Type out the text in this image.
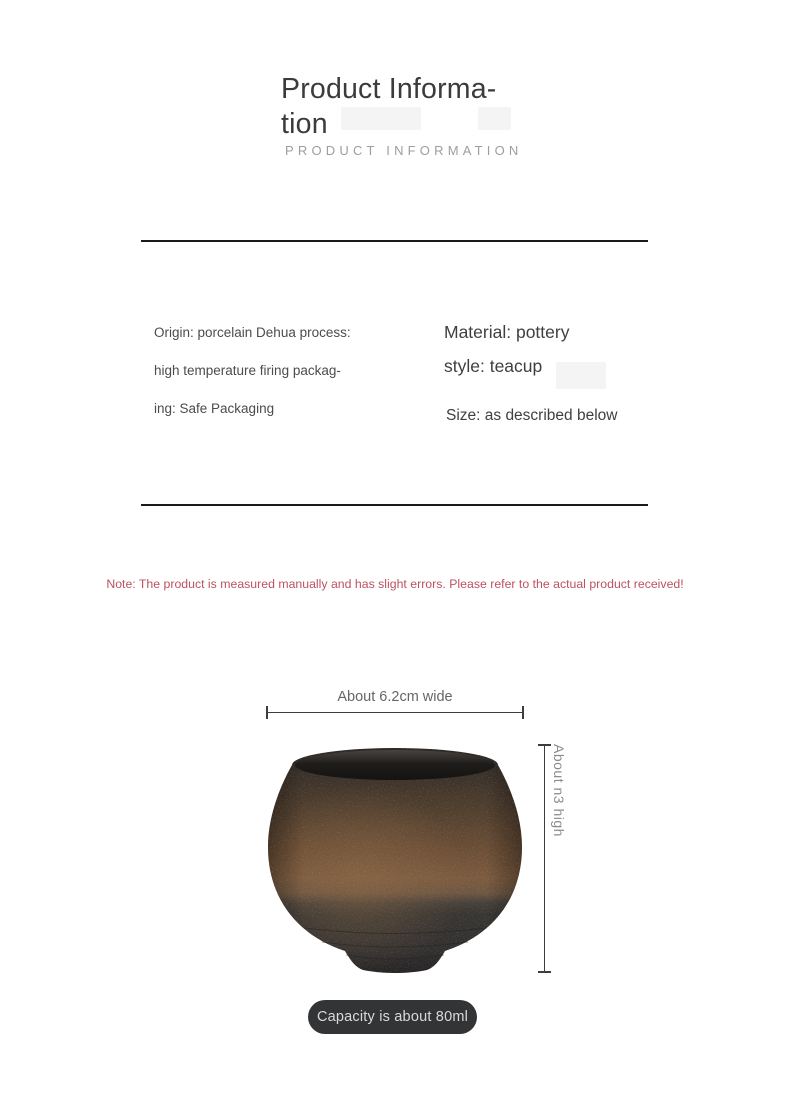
Product Informa-
tion
PRODUCT INFORMATION

Origin: porcelain Dehua process:

high temperature firing packag-

ing: Safe Packaging

Material: pottery
style: teacup
Size: as described below
Note: The product is measured manually and has slight errors. Please refer to the actual product received!
About 6.2cm wide
About n3 high
Capacity is about 80ml
